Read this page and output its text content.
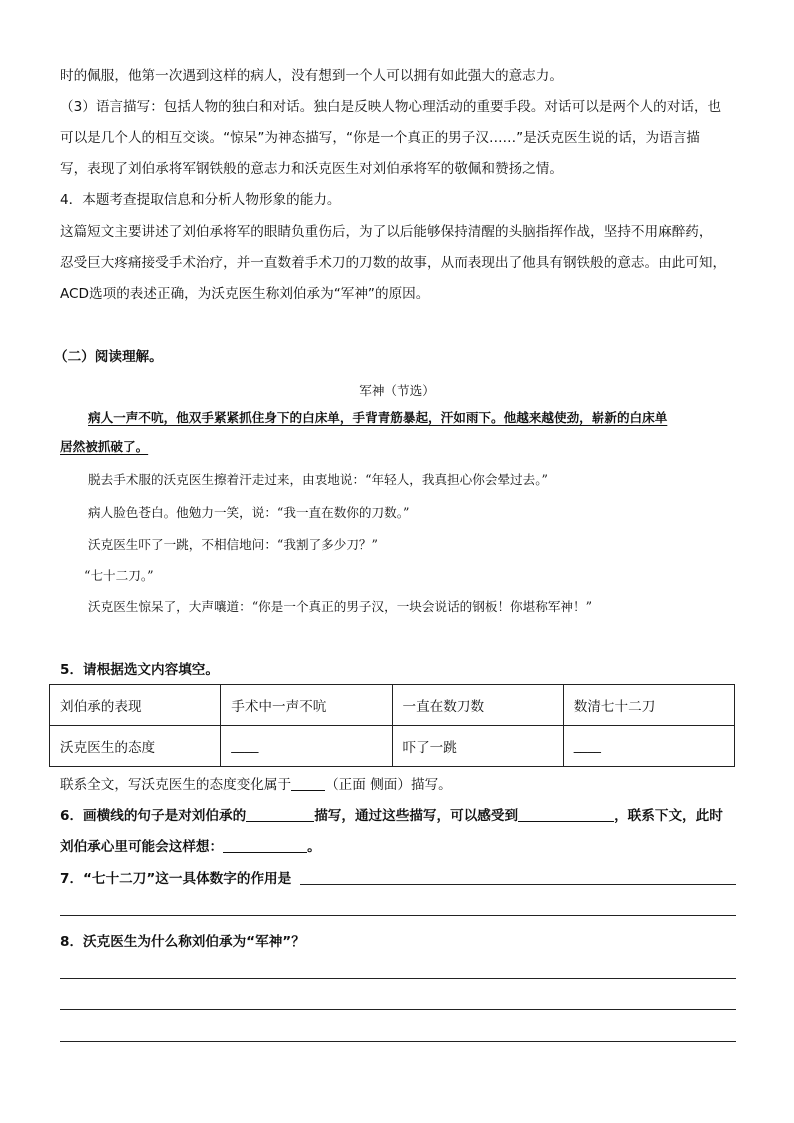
时的佩服，他第一次遇到这样的病人，没有想到一个人可以拥有如此强大的意志力。
（3）语言描写：包括人物的独白和对话。独白是反映人物心理活动的重要手段。对话可以是两个人的对话，也
可以是几个人的相互交谈。“惊呆”为神态描写，“你是一个真正的男子汉……”是沃克医生说的话，为语言描
写，表现了刘伯承将军钢铁般的意志力和沃克医生对刘伯承将军的敬佩和赞扬之情。
4．本题考查提取信息和分析人物形象的能力。
这篇短文主要讲述了刘伯承将军的眼睛负重伤后，为了以后能够保持清醒的头脑指挥作战，坚持不用麻醉药，
忍受巨大疼痛接受手术治疗，并一直数着手术刀的刀数的故事，从而表现出了他具有钢铁般的意志。由此可知，
ACD选项的表述正确，为沃克医生称刘伯承为“军神”的原因。
（二）阅读理解。
军神（节选）
病人一声不吭，他双手紧紧抓住身下的白床单，手背青筋暴起，汗如雨下。他越来越使劲，崭新的白床单
居然被抓破了。
脱去手术服的沃克医生擦着汗走过来，由衷地说：“年轻人，我真担心你会晕过去。”
病人脸色苍白。他勉力一笑，说：“我一直在数你的刀数。”
沃克医生吓了一跳，不相信地问：“我割了多少刀？”
“七十二刀。”
沃克医生惊呆了，大声嚷道：“你是一个真正的男子汉，一块会说话的钢板！你堪称军神！”
5．请根据选文内容填空。
刘伯承的表现	手术中一声不吭	一直在数刀数	数清七十二刀
沃克医生的态度	____	吓了一跳	____
联系全文，写沃克医生的态度变化属于	（正面 侧面）描写。
6．画横线的句子是对刘伯承的	描写，通过这些描写，可以感受到	，联系下文，此时
刘伯承心里可能会这样想：	。
7．“七十二刀”这一具体数字的作用是
8．沃克医生为什么称刘伯承为“军神”？
